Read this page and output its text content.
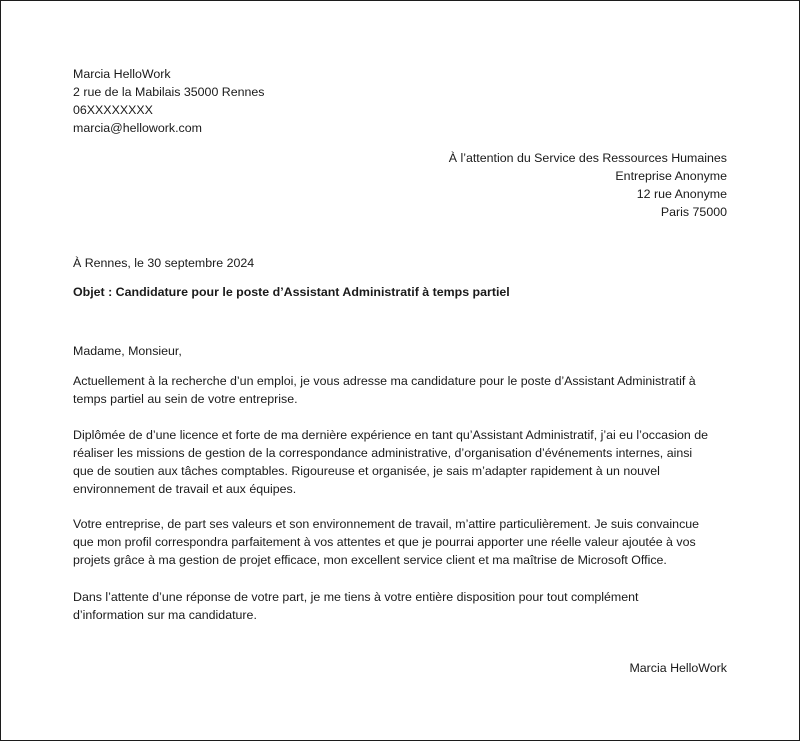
Marcia HelloWork
2 rue de la Mabilais 35000 Rennes
06XXXXXXXX
marcia@hellowork.com
À l’attention du Service des Ressources Humaines
Entreprise Anonyme
12 rue Anonyme
Paris 75000
À Rennes, le 30 septembre 2024
Objet : Candidature pour le poste d’Assistant Administratif à temps partiel
Madame, Monsieur,
Actuellement à la recherche d’un emploi, je vous adresse ma candidature pour le poste d’Assistant Administratif à
temps partiel au sein de votre entreprise.
Diplômée de d’une licence et forte de ma dernière expérience en tant qu’Assistant Administratif, j’ai eu l’occasion de
réaliser les missions de gestion de la correspondance administrative, d’organisation d’événements internes, ainsi
que de soutien aux tâches comptables. Rigoureuse et organisée, je sais m’adapter rapidement à un nouvel
environnement de travail et aux équipes.
Votre entreprise, de part ses valeurs et son environnement de travail, m’attire particulièrement. Je suis convaincue
que mon profil correspondra parfaitement à vos attentes et que je pourrai apporter une réelle valeur ajoutée à vos
projets grâce à ma gestion de projet efficace, mon excellent service client et ma maîtrise de Microsoft Office.
Dans l’attente d’une réponse de votre part, je me tiens à votre entière disposition pour tout complément
d’information sur ma candidature.
Marcia HelloWork
